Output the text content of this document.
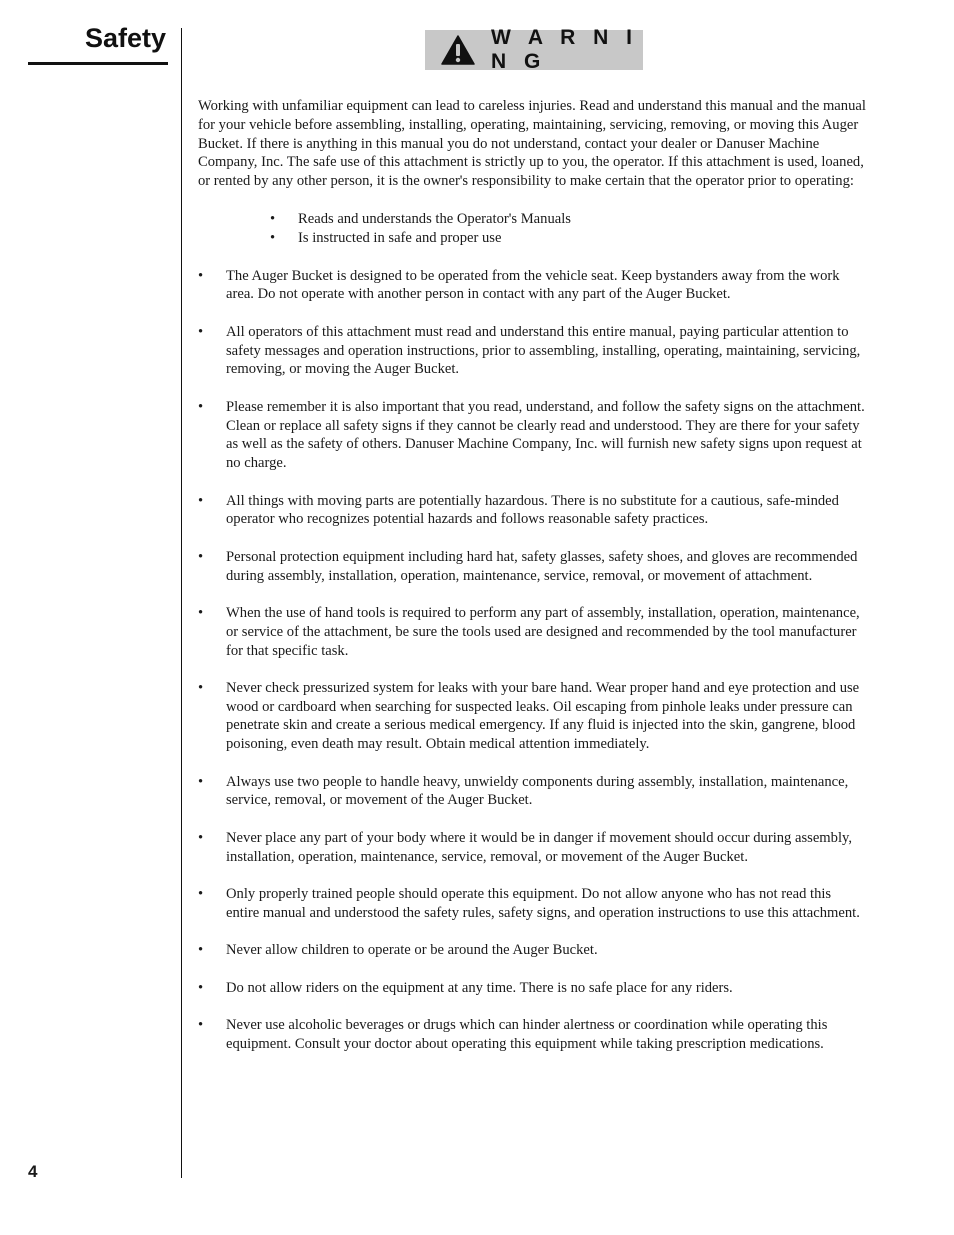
Safety	W A R N I N G

Working with unfamiliar equipment can lead to careless injuries. Read and understand this manual and the manual for your vehicle before assembling, installing, operating, maintaining, servicing, removing, or moving this Auger Bucket. If there is anything in this manual you do not understand, contact your dealer or Danuser Machine Company, Inc. The safe use of this attachment is strictly up to you, the operator. If this attachment is used, loaned, or rented by any other person, it is the owner's responsibility to make certain that the operator prior to operating:

• Reads and understands the Operator's Manuals
• Is instructed in safe and proper use
• The Auger Bucket is designed to be operated from the vehicle seat. Keep bystanders away from the work area. Do not operate with another person in contact with any part of the Auger Bucket.
• All operators of this attachment must read and understand this entire manual, paying particular attention to safety messages and operation instructions, prior to assembling, installing, operating, maintaining, servicing, removing, or moving the Auger Bucket.
• Please remember it is also important that you read, understand, and follow the safety signs on the attachment. Clean or replace all safety signs if they cannot be clearly read and understood. They are there for your safety as well as the safety of others. Danuser Machine Company, Inc. will furnish new safety signs upon request at no charge.
• All things with moving parts are potentially hazardous. There is no substitute for a cautious, safe-minded operator who recognizes potential hazards and follows reasonable safety practices.
• Personal protection equipment including hard hat, safety glasses, safety shoes, and gloves are recommended during assembly, installation, operation, maintenance, service, removal, or movement of attachment.
• When the use of hand tools is required to perform any part of assembly, installation, operation, maintenance, or service of the attachment, be sure the tools used are designed and recommended by the tool manufacturer for that specific task.
• Never check pressurized system for leaks with your bare hand. Wear proper hand and eye protection and use wood or cardboard when searching for suspected leaks. Oil escaping from pinhole leaks under pressure can penetrate skin and create a serious medical emergency. If any fluid is injected into the skin, gangrene, blood poisoning, even death may result. Obtain medical attention immediately.
• Always use two people to handle heavy, unwieldy components during assembly, installation, maintenance, service, removal, or movement of the Auger Bucket.
• Never place any part of your body where it would be in danger if movement should occur during assembly, installation, operation, maintenance, service, removal, or movement of the Auger Bucket.
• Only properly trained people should operate this equipment. Do not allow anyone who has not read this entire manual and understood the safety rules, safety signs, and operation instructions to use this attachment.
• Never allow children to operate or be around the Auger Bucket.
• Do not allow riders on the equipment at any time. There is no safe place for any riders.
• Never use alcoholic beverages or drugs which can hinder alertness or coordination while operating this equipment. Consult your doctor about operating this equipment while taking prescription medications.
4
